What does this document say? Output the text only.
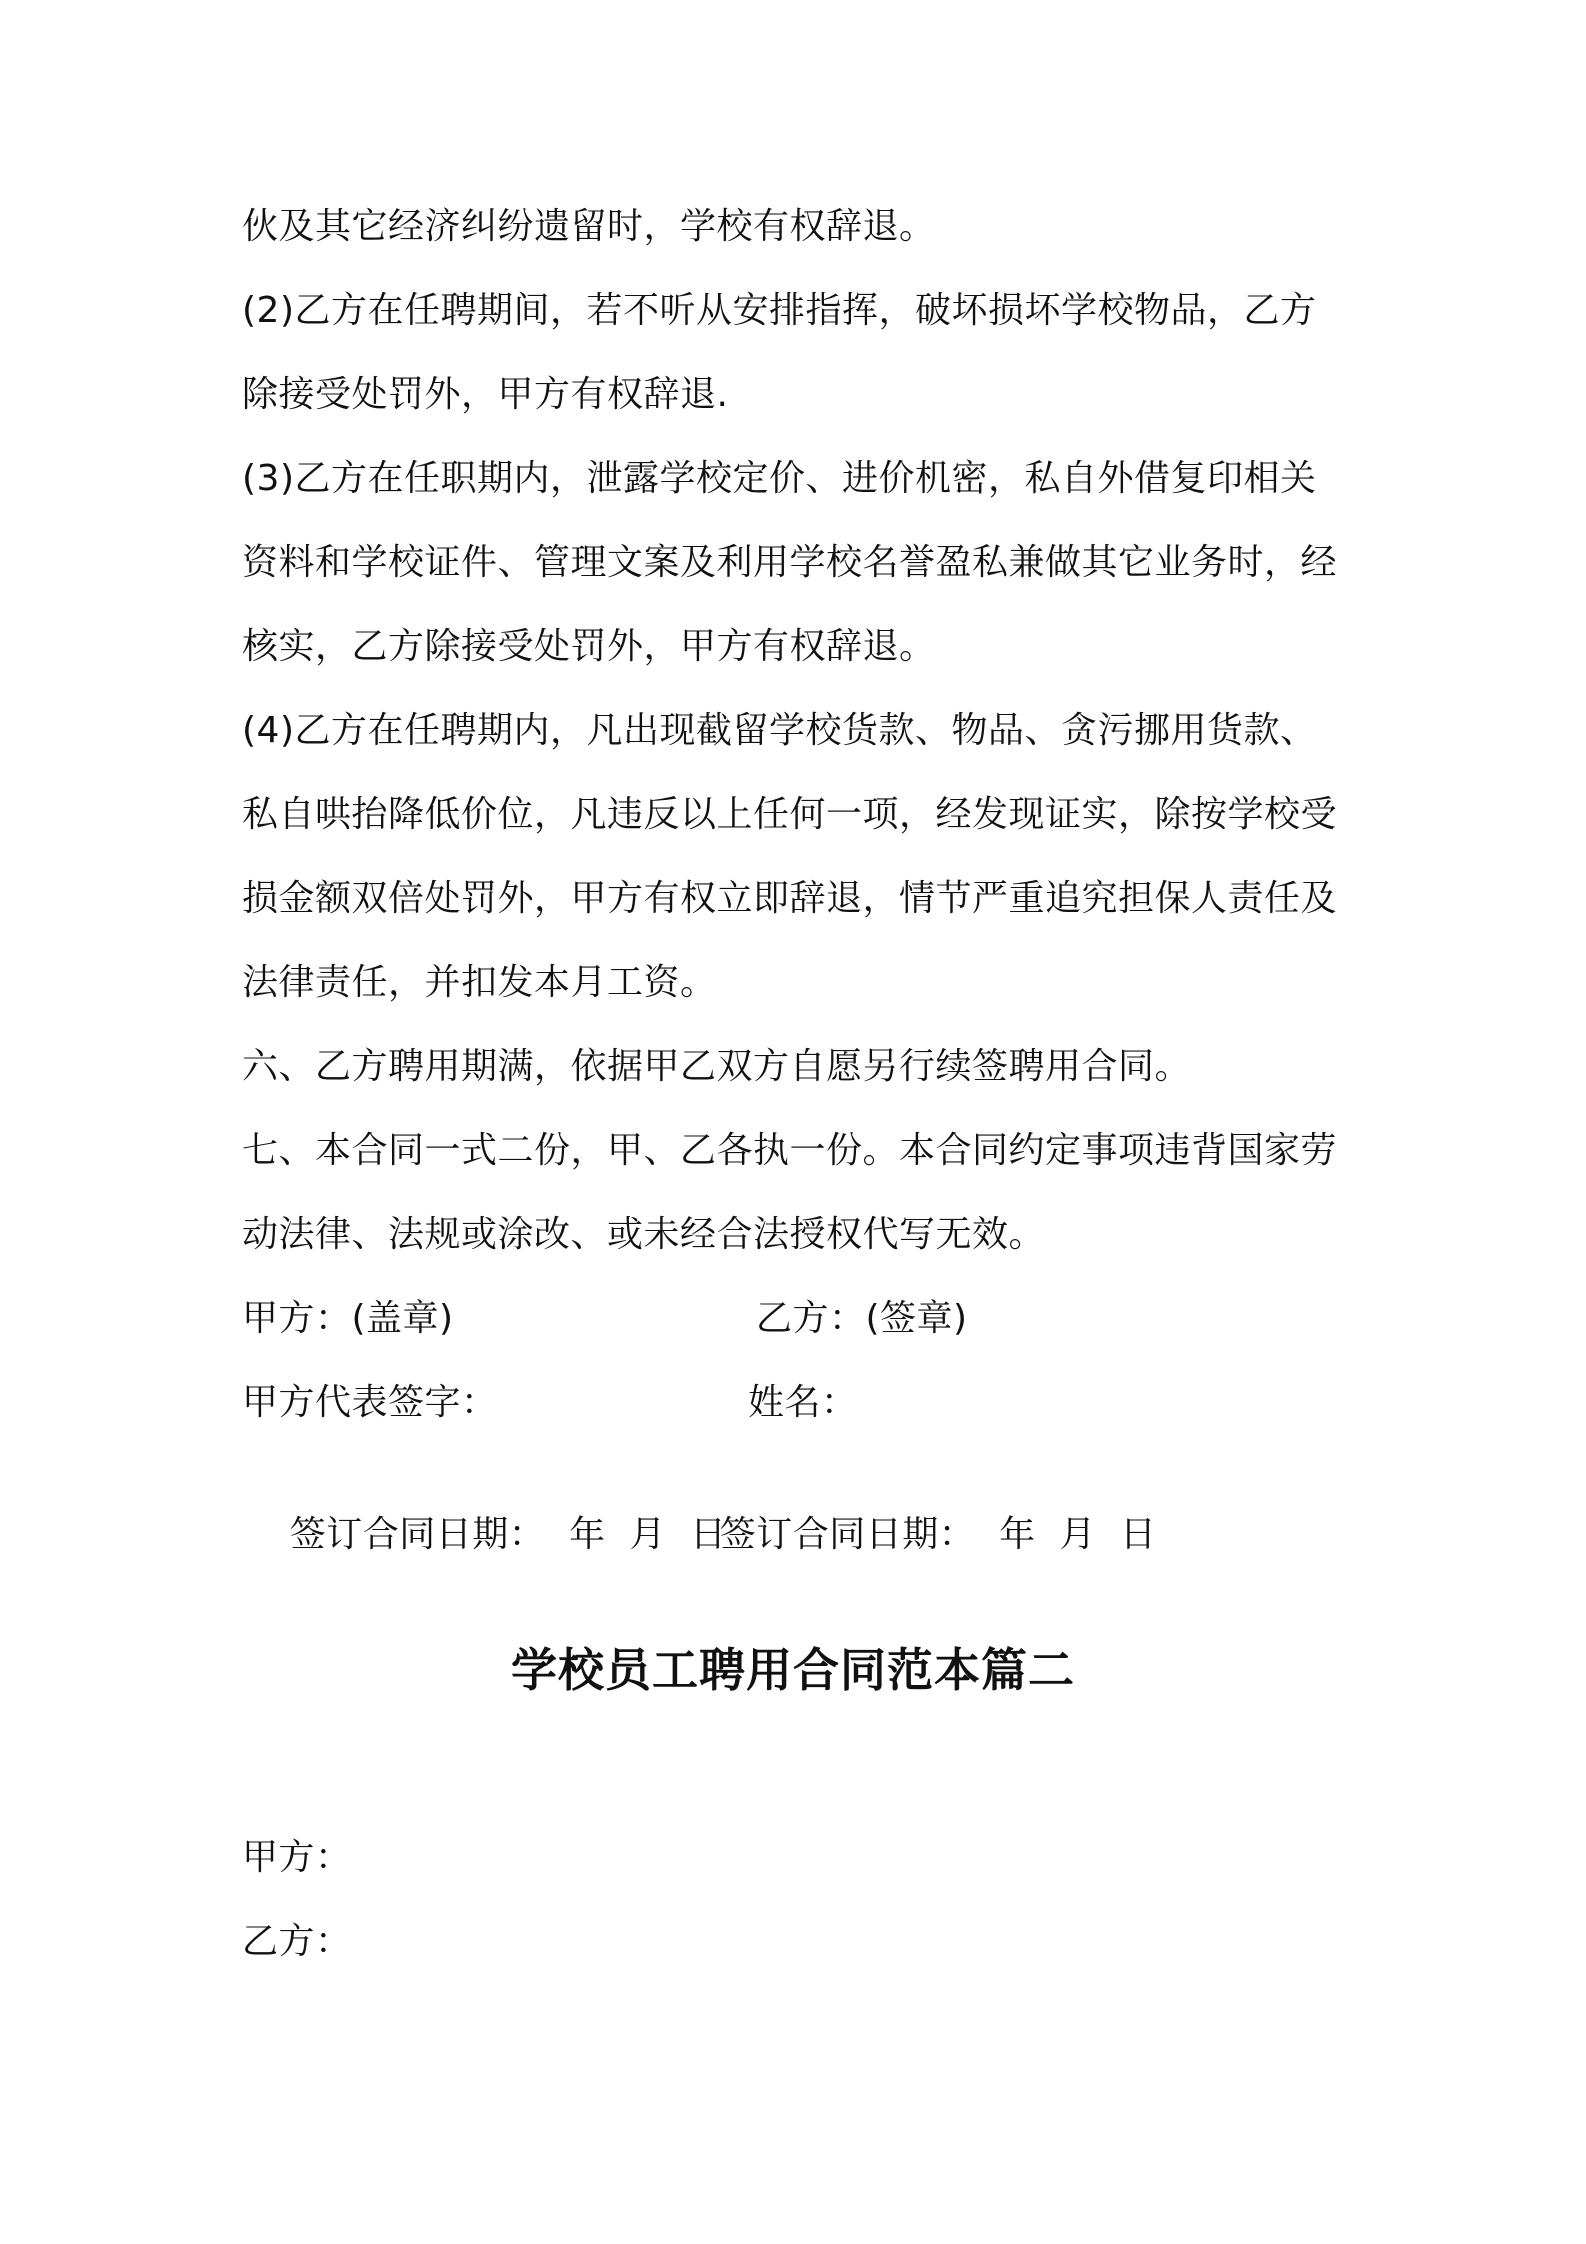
伙及其它经济纠纷遗留时，学校有权辞退。

(2)乙方在任聘期间，若不听从安排指挥，破坏损坏学校物品，乙方

除接受处罚外，甲方有权辞退.

(3)乙方在任职期内，泄露学校定价、进价机密，私自外借复印相关

资料和学校证件、管理文案及利用学校名誉盈私兼做其它业务时，经

核实，乙方除接受处罚外，甲方有权辞退。

(4)乙方在任聘期内，凡出现截留学校货款、物品、贪污挪用货款、

私自哄抬降低价位，凡违反以上任何一项，经发现证实，除按学校受

损金额双倍处罚外，甲方有权立即辞退，情节严重追究担保人责任及

法律责任，并扣发本月工资。

六、乙方聘用期满，依据甲乙双方自愿另行续签聘用合同。

七、本合同一式二份，甲、乙各执一份。本合同约定事项违背国家劳

动法律、法规或涂改、或未经合法授权代写无效。

甲方：(盖章)	乙方：(签章)
甲方代表签字：	姓名：

签订合同日期：  年  月  日

签订合同日期：  年  月  日

学校员工聘用合同范本篇二

甲方：

乙方：
